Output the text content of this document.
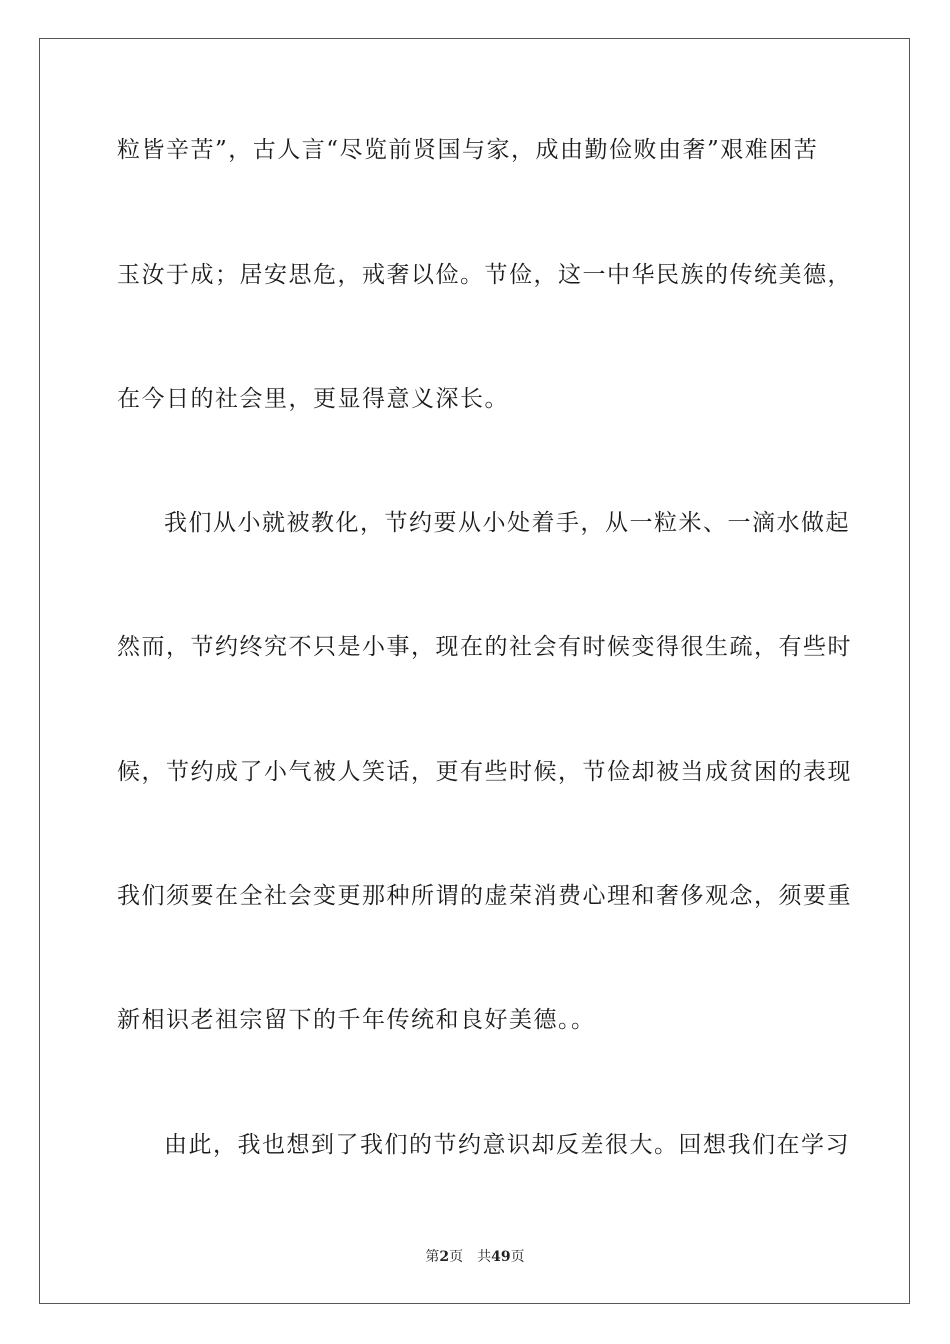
粒皆辛苦”，古人言“尽览前贤国与家，成由勤俭败由奢”艰难困苦
玉汝于成；居安思危，戒奢以俭。节俭，这一中华民族的传统美德，
在今日的社会里，更显得意义深长。
我们从小就被教化，节约要从小处着手，从一粒米、一滴水做起
然而，节约终究不只是小事，现在的社会有时候变得很生疏，有些时
候，节约成了小气被人笑话，更有些时候，节俭却被当成贫困的表现
我们须要在全社会变更那种所谓的虚荣消费心理和奢侈观念，须要重
新相识老祖宗留下的千年传统和良好美德。。
由此，我也想到了我们的节约意识却反差很大。回想我们在学习
第2页 共49页
